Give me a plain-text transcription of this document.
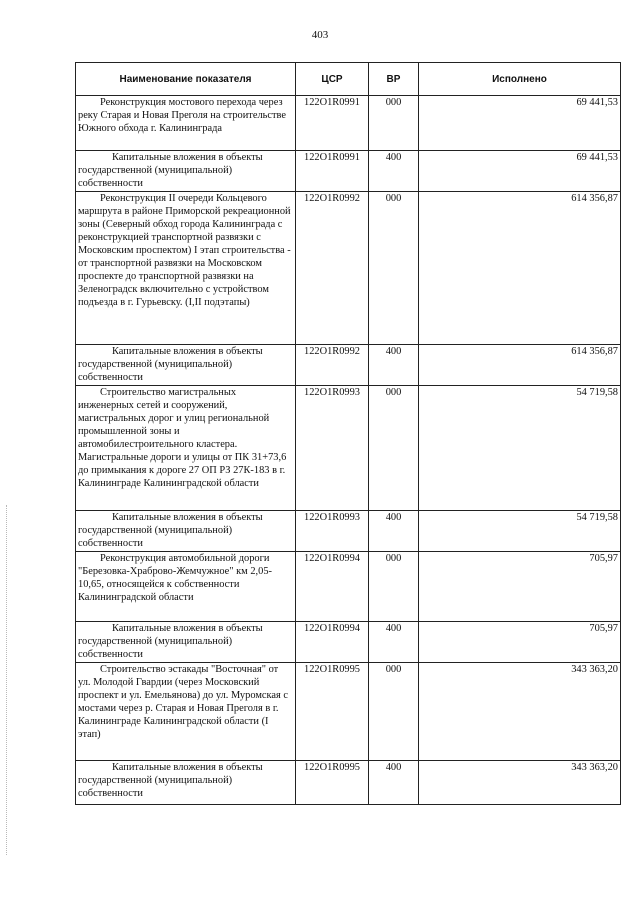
403
Наименование показателя	ЦСР	ВР	Исполнено
Реконструкция мостового перехода через реку Старая и Новая Преголя на строительстве Южного обхода г. Калининграда	122O1R0991	000	69 441,53
Капитальные вложения в объекты государственной (муниципальной) собственности	122O1R0991	400	69 441,53
Реконструкция II очереди Кольцевого маршрута в районе Приморской рекреационной зоны (Северный обход города Калининграда с реконструкцией транспортной развязки с Московским проспектом) I этап строительства - от транспортной развязки на Московском проспекте до транспортной развязки на Зеленоградск включительно с устройством подъезда в г. Гурьевску. (I,II подэтапы)	122O1R0992	000	614 356,87
Капитальные вложения в объекты государственной (муниципальной) собственности	122O1R0992	400	614 356,87
Строительство магистральных инженерных сетей и сооружений, магистральных дорог и улиц региональной промышленной зоны и автомобилестроительного кластера. Магистральные дороги и улицы от ПК 31+73,6 до примыкания к дороге 27 ОП РЗ 27К-183 в г. Калининграде Калининградской области	122O1R0993	000	54 719,58
Капитальные вложения в объекты государственной (муниципальной) собственности	122O1R0993	400	54 719,58
Реконструкция автомобильной дороги "Березовка-Храброво-Жемчужное" км 2,05-10,65, относящейся к собственности Калининградской области	122O1R0994	000	705,97
Капитальные вложения в объекты государственной (муниципальной) собственности	122O1R0994	400	705,97
Строительство эстакады "Восточная" от ул. Молодой Гвардии (через Московский проспект и ул. Емельянова) до ул. Муромская с мостами через р. Старая и Новая Преголя в г. Калининграде Калининградской области (I этап)	122O1R0995	000	343 363,20
Капитальные вложения в объекты государственной (муниципальной) собственности	122O1R0995	400	343 363,20
